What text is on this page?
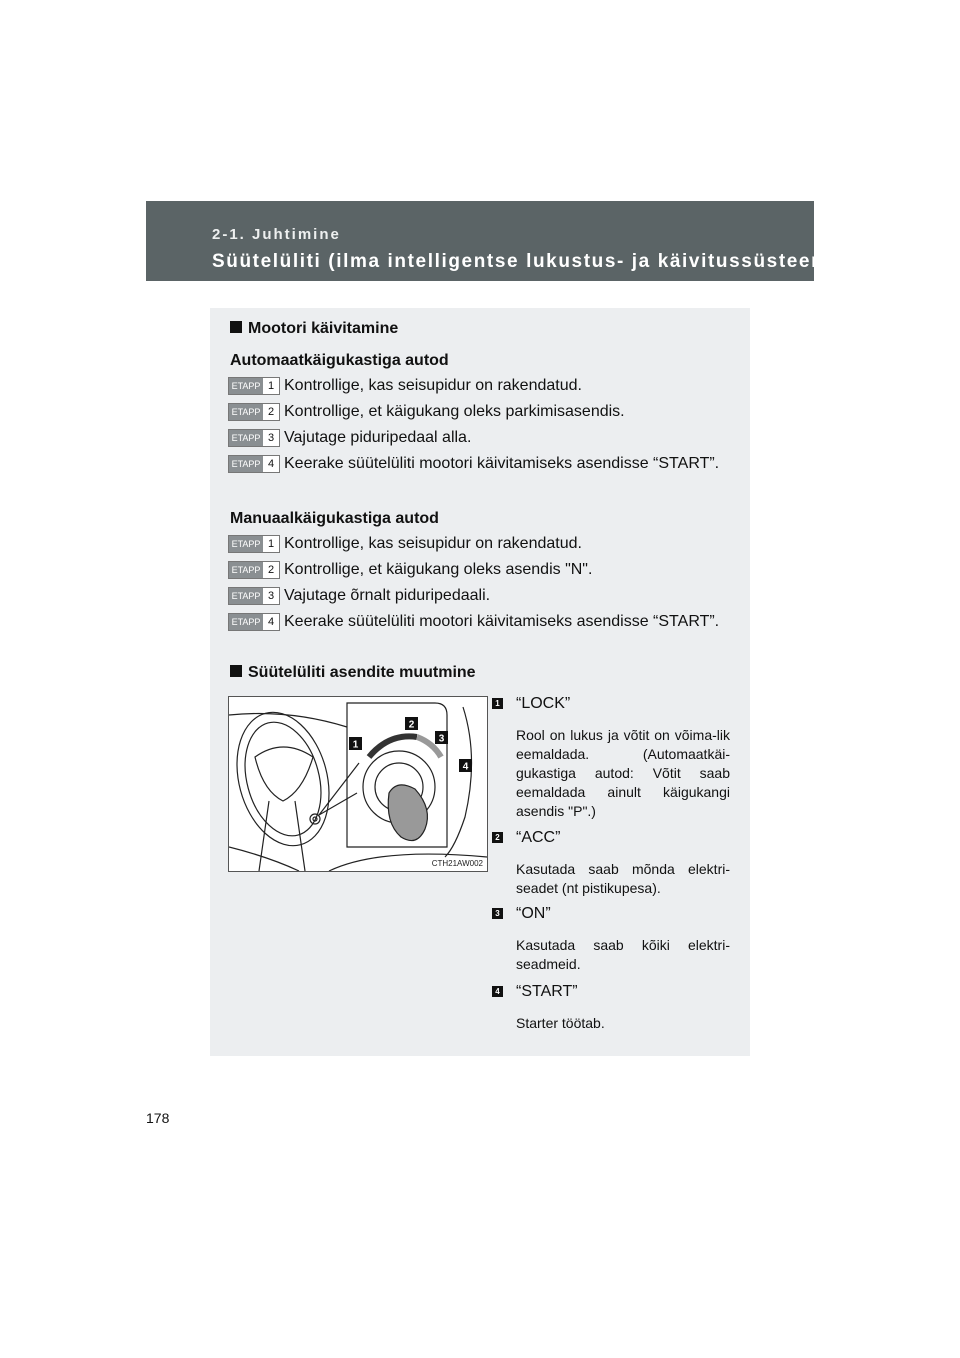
2-1. Juhtimine
Süütelüliti (ilma intelligentse lukustus- ja käivitussüsteemita)
Mootori käivitamine
Automaatkäigukastiga autod
ETAPP 1 Kontrollige, kas seisupidur on rakendatud.
ETAPP 2 Kontrollige, et käigukang oleks parkimisasendis.
ETAPP 3 Vajutage piduripedaal alla.
ETAPP 4 Keerake süütelüliti mootori käivitamiseks asendisse “START”.
Manuaalkäigukastiga autod
ETAPP 1 Kontrollige, kas seisupidur on rakendatud.
ETAPP 2 Kontrollige, et käigukang oleks asendis "N".
ETAPP 3 Vajutage õrnalt piduripedaali.
ETAPP 4 Keerake süütelüliti mootori käivitamiseks asendisse “START”.
Süütelüliti asendite muutmine
1
2
3
4
CTH21AW002
1 “LOCK”
Rool on lukus ja võtit on võima-lik eemaldada. (Automaatkäi-gukastiga autod: Võtit saab eemaldada ainult käigukangi asendis "P".)
2 “ACC”
Kasutada saab mõnda elektri-seadet (nt pistikupesa).
3 “ON”
Kasutada saab kõiki elektri-seadmeid.
4 “START”
Starter töötab.
178
